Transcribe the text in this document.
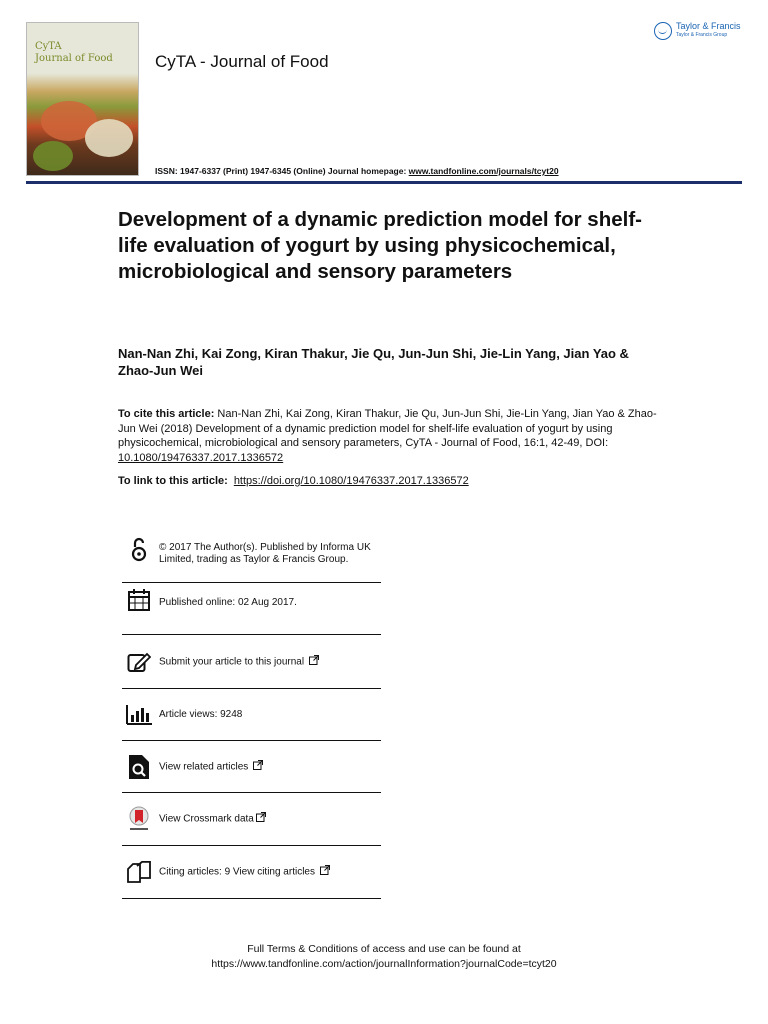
CyTA
Journal of Food CyTA - Journal of Food
Taylor & Francis
Taylor & Francis Group
ISSN: 1947-6337 (Print) 1947-6345 (Online) Journal homepage: www.tandfonline.com/journals/tcyt20
Development of a dynamic prediction model for shelf-life evaluation of yogurt by using physicochemical, microbiological and sensory parameters
Nan-Nan Zhi, Kai Zong, Kiran Thakur, Jie Qu, Jun-Jun Shi, Jie-Lin Yang, Jian Yao & Zhao-Jun Wei
To cite this article: Nan-Nan Zhi, Kai Zong, Kiran Thakur, Jie Qu, Jun-Jun Shi, Jie-Lin Yang, Jian Yao & Zhao-Jun Wei (2018) Development of a dynamic prediction model for shelf-life evaluation of yogurt by using physicochemical, microbiological and sensory parameters, CyTA - Journal of Food, 16:1, 42-49, DOI: 10.1080/19476337.2017.1336572
To link to this article: https://doi.org/10.1080/19476337.2017.1336572
© 2017 The Author(s). Published by Informa UK Limited, trading as Taylor & Francis Group.
Published online: 02 Aug 2017.
Submit your article to this journal
Article views: 9248
View related articles
View Crossmark data
Citing articles: 9 View citing articles
Full Terms & Conditions of access and use can be found at
https://www.tandfonline.com/action/journalInformation?journalCode=tcyt20
